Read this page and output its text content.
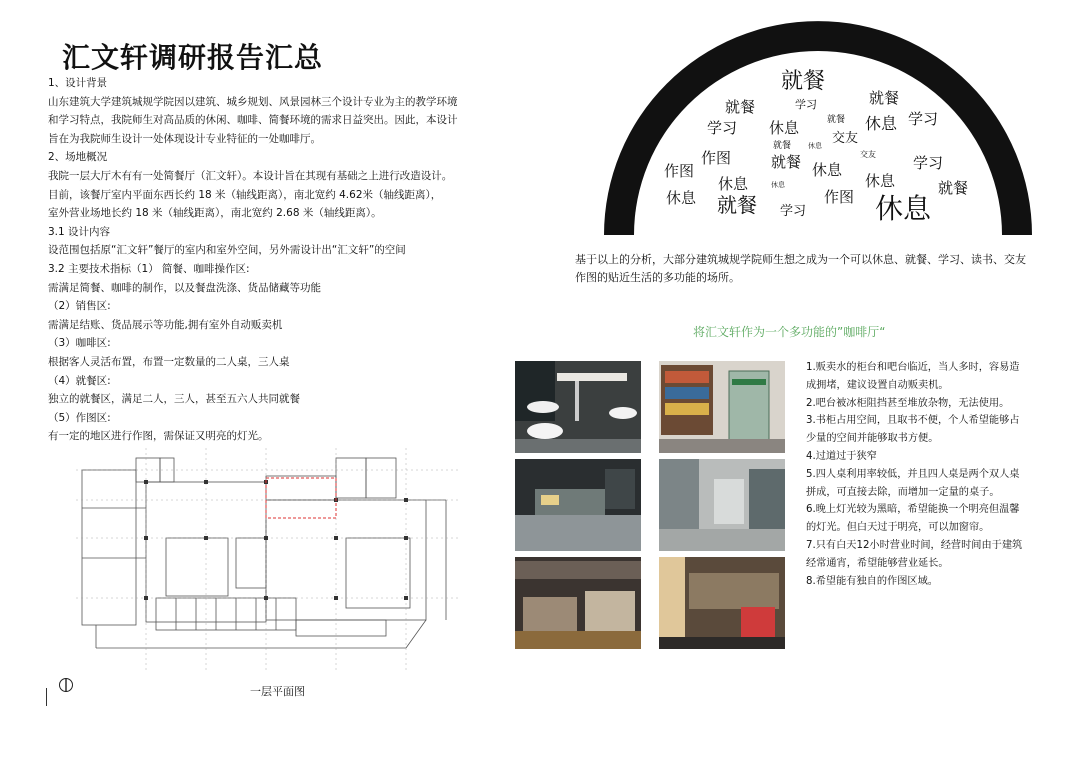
汇文轩调研报告汇总
1、设计背景
山东建筑大学建筑城规学院因以建筑、城乡规划、风景园林三个设计专业为主的教学环境
和学习特点，我院师生对高品质的休闲、咖啡、简餐环境的需求日益突出。因此，本设计
旨在为我院师生设计一处体现设计专业特征的一处咖啡厅。
2、场地概况
我院一层大厅木有有一处简餐厅（汇文轩）。本设计旨在其现有基础之上进行改造设计。
目前，该餐厅室内平面东西长约 18 米（轴线距离），南北宽约 4.62米（轴线距离），
室外营业场地长约 18 米（轴线距离），南北宽约 2.68 米（轴线距离）。
3.1 设计内容
设范围包括原“汇文轩”餐厅的室内和室外空间，另外需设计出“汇文轩”的空间
3.2 主要技术指标（1） 简餐、咖啡操作区:
需满足简餐、咖啡的制作，以及餐盘洗涤、货品储藏等功能
（2）销售区:
需满足结账、货品展示等功能,拥有室外自动贩卖机
（3）咖啡区:
根据客人灵活布置，布置一定数量的二人桌，三人桌
（4）就餐区:
独立的就餐区，满足二人，三人，甚至五六人共同就餐
（5）作图区:
有一定的地区进行作图，需保证又明亮的灯光。
一层平面图
就餐
就餐	学习	就餐
学习 休息	就餐 休息 学习
就餐	交友
休息
作图	就餐	交友 学习
作图	休息
休息	休息	休息	就餐
休息 就餐	作图
学习 休息
基于以上的分析，大部分建筑城规学院师生想之成为一个可以休息、就餐、学习、读书、交友
作图的贴近生活的多功能的场所。
将汇文轩作为一个多功能的”咖啡厅“
1.贩卖水的柜台和吧台临近，当人多时，容易造
成拥堵，建议设置自动贩卖机。
2.吧台被冰柜阻挡甚至堆放杂物，无法使用。
3.书柜占用空间，且取书不便，个人希望能够占
少量的空间并能够取书方便。
4.过道过于狭窄
5.四人桌利用率较低，并且四人桌是两个双人桌
拼成，可直接去除，而增加一定量的桌子。
6.晚上灯光较为黑暗，希望能换一个明亮但温馨
的灯光。但白天过于明亮，可以加窗帘。
7.只有白天12小时营业时间，经营时间由于建筑
经常通宵，希望能够营业延长。
8.希望能有独自的作图区域。
